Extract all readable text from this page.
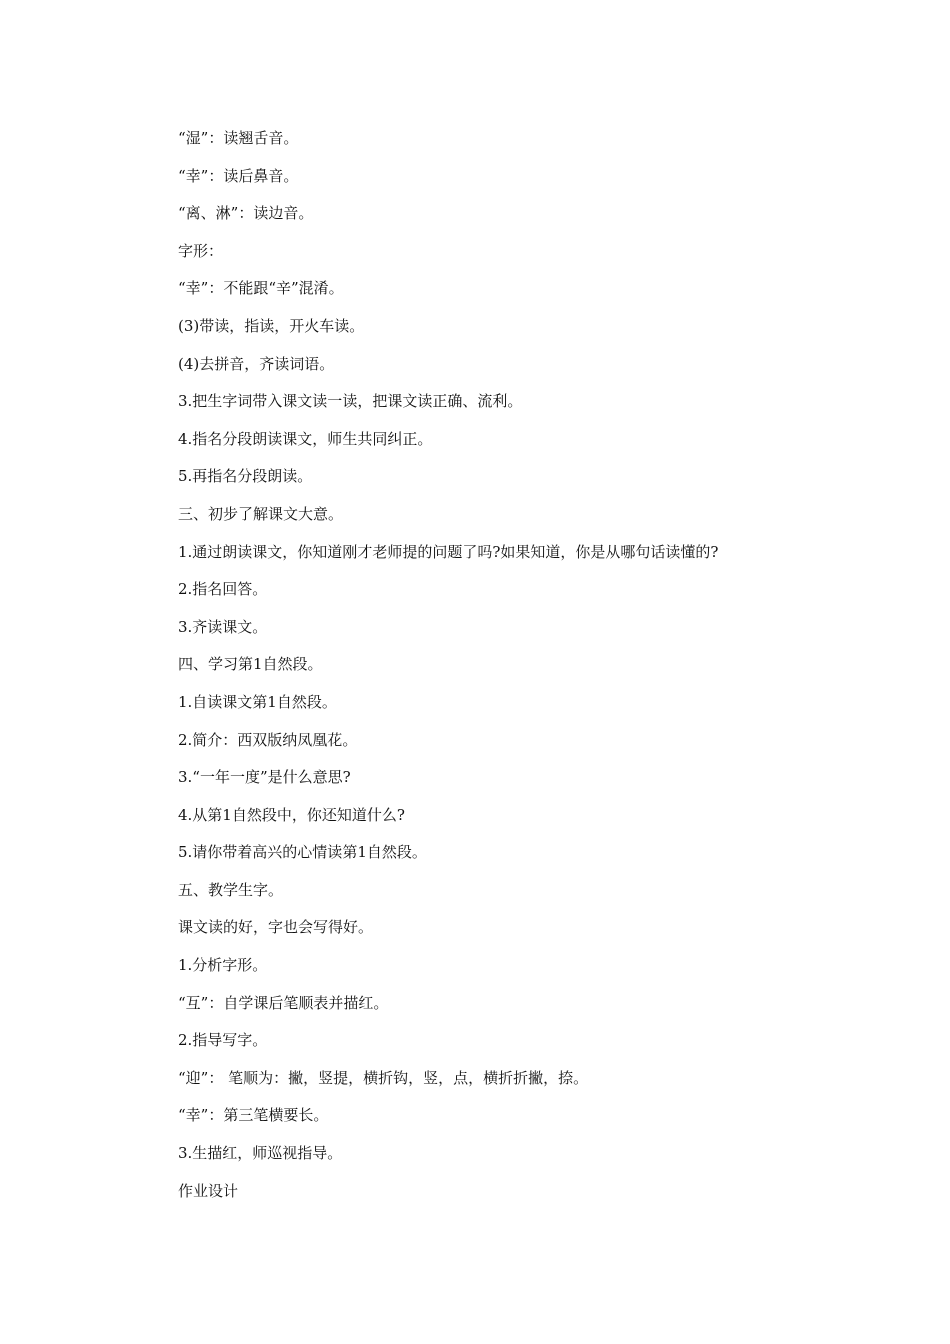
“湿”：读翘舌音。
“幸”：读后鼻音。
“离、淋”：读边音。
字形：
“幸”：不能跟“辛”混淆。
(3)带读，指读，开火车读。
(4)去拼音，齐读词语。
3.把生字词带入课文读一读，把课文读正确、流利。
4.指名分段朗读课文，师生共同纠正。
5.再指名分段朗读。
三、初步了解课文大意。
1.通过朗读课文，你知道刚才老师提的问题了吗?如果知道，你是从哪句话读懂的?
2.指名回答。
3.齐读课文。
四、学习第1自然段。
1.自读课文第1自然段。
2.简介：西双版纳凤凰花。
3.“一年一度”是什么意思?
4.从第1自然段中，你还知道什么?
5.请你带着高兴的心情读第1自然段。
五、教学生字。
课文读的好，字也会写得好。
1.分析字形。
“互”：自学课后笔顺表并描红。
2.指导写字。
“迎”： 笔顺为：撇，竖提，横折钩，竖，点，横折折撇，捺。
“幸”：第三笔横要长。
3.生描红，师巡视指导。
作业设计
